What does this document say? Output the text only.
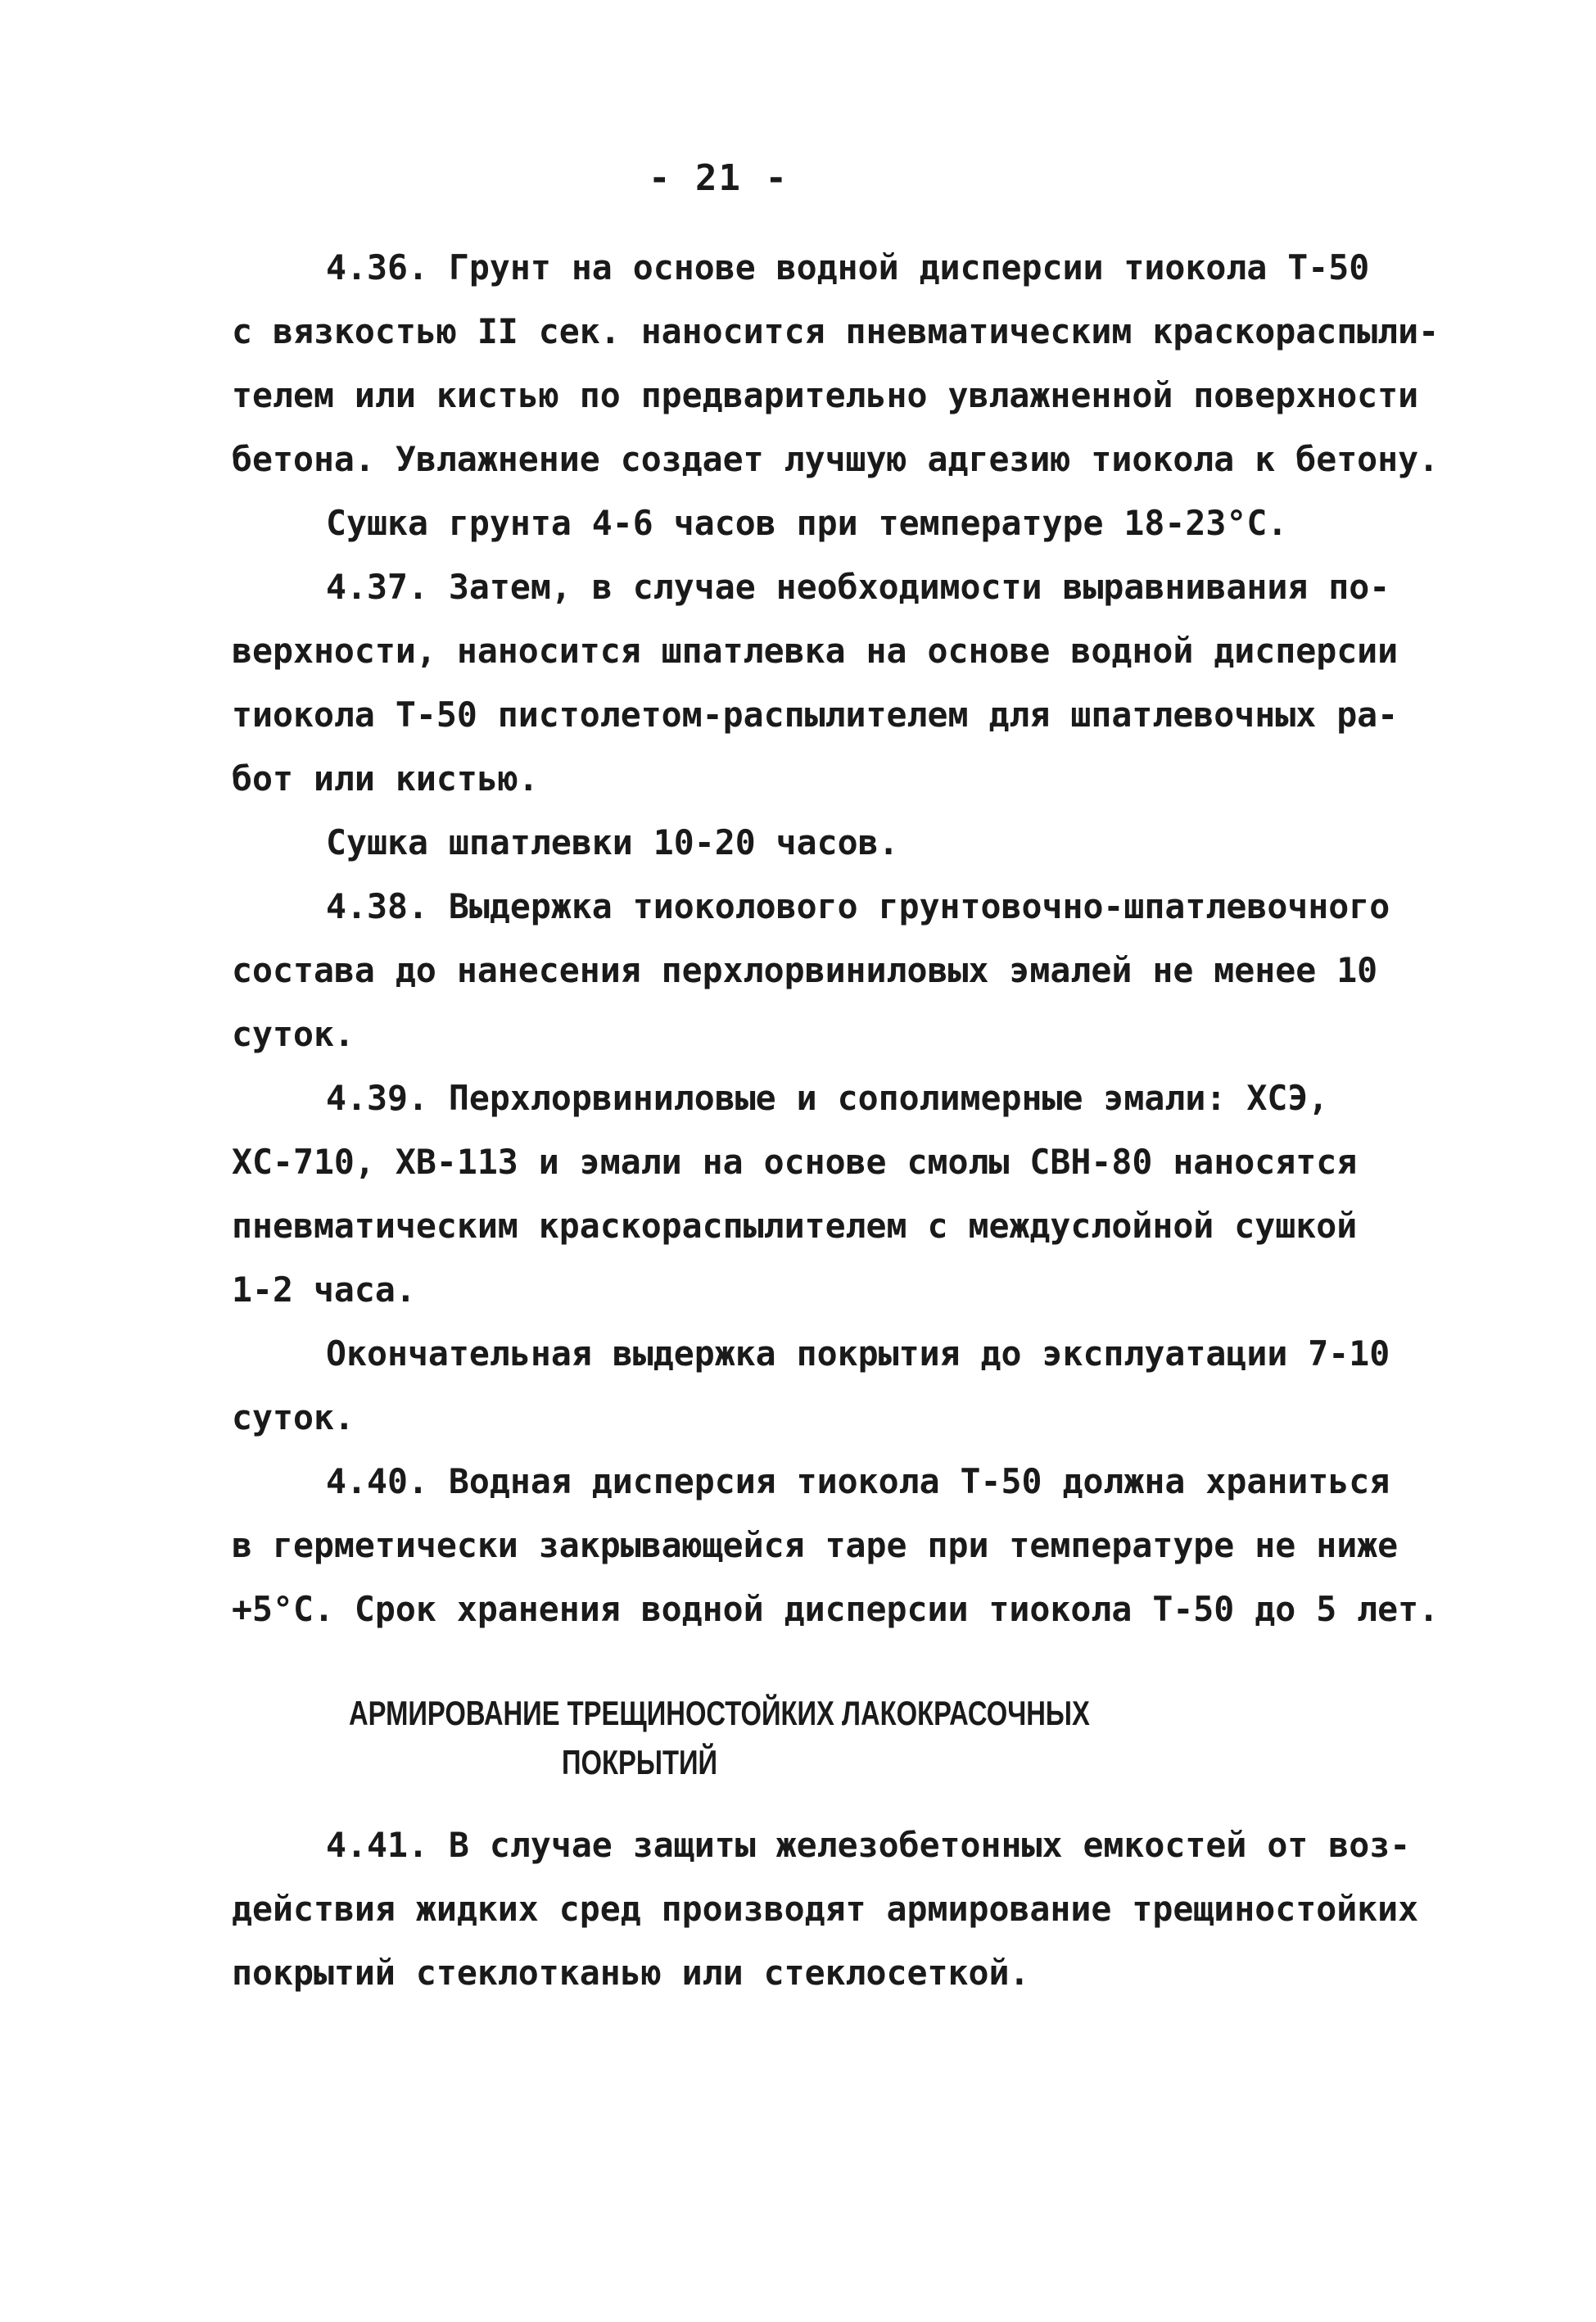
- 21 -
4.36. Грунт на основе водной дисперсии тиокола Т-50
с вязкостью II сек. наносится пневматическим краскораспыли-
телем или кистью по предварительно увлажненной поверхности
бетона. Увлажнение создает лучшую адгезию тиокола к бетону.
Сушка грунта 4-6 часов при температуре 18-23°С.
4.37. Затем, в случае необходимости выравнивания по-
верхности, наносится шпатлевка на основе водной дисперсии
тиокола Т-50 пистолетом-распылителем для шпатлевочных ра-
бот или кистью.
Сушка шпатлевки 10-20 часов.
4.38. Выдержка тиоколового грунтовочно-шпатлевочного
состава до нанесения перхлорвиниловых эмалей не менее 10
суток.
4.39. Перхлорвиниловые и сополимерные эмали: ХСЭ,
ХС-710, ХВ-113 и эмали на основе смолы СВН-80 наносятся
пневматическим краскораспылителем с междуслойной сушкой
1-2 часа.
Окончательная выдержка покрытия до эксплуатации 7-10
суток.
4.40. Водная дисперсия тиокола Т-50 должна храниться
в герметически закрывающейся таре при температуре не ниже
+5°С. Срок хранения водной дисперсии тиокола Т-50 до 5 лет.
АРМИРОВАНИЕ ТРЕЩИНОСТОЙКИХ ЛАКОКРАСОЧНЫХ
ПОКРЫТИЙ
4.41. В случае защиты железобетонных емкостей от воз-
действия жидких сред производят армирование трещиностойких
покрытий стеклотканью или стеклосеткой.
